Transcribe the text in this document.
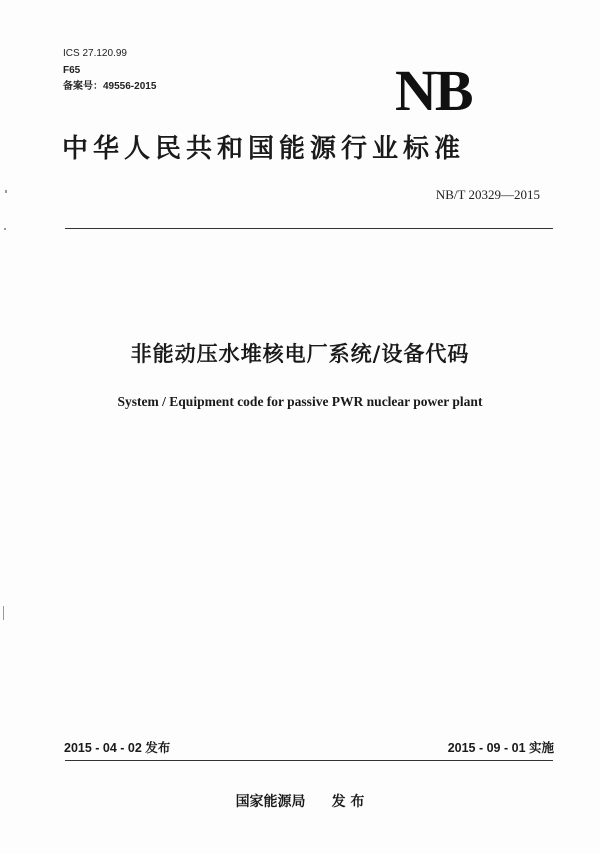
ICS 27.120.99
F65
备案号：49556-2015	NB
中华人民共和国能源行业标准
NB/T 20329—2015
非能动压水堆核电厂系统/设备代码
System / Equipment code for passive PWR nuclear power plant
2015 - 04 - 02 发布	2015 - 09 - 01 实施
国家能源局 发 布
